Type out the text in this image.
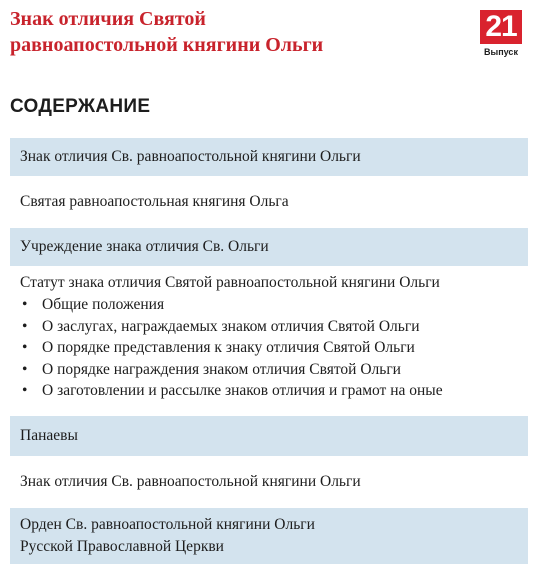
Знак отличия Святой
равноапостольной княгини Ольги
21
Выпуск
СОДЕРЖАНИЕ
Знак отличия Св. равноапостольной княгини Ольги
Святая равноапостольная княгиня Ольга
Учреждение знака отличия Св. Ольги
Статут знака отличия Святой равноапостольной княгини Ольги
• Общие положения
• О заслугах, награждаемых знаком отличия Святой Ольги
• О порядке представления к знаку отличия Святой Ольги
• О порядке награждения знаком отличия Святой Ольги
• О заготовлении и рассылке знаков отличия и грамот на оные
Панаевы
Знак отличия Св. равноапостольной княгини Ольги
Орден Св. равноапостольной княгини Ольги
Русской Православной Церкви
